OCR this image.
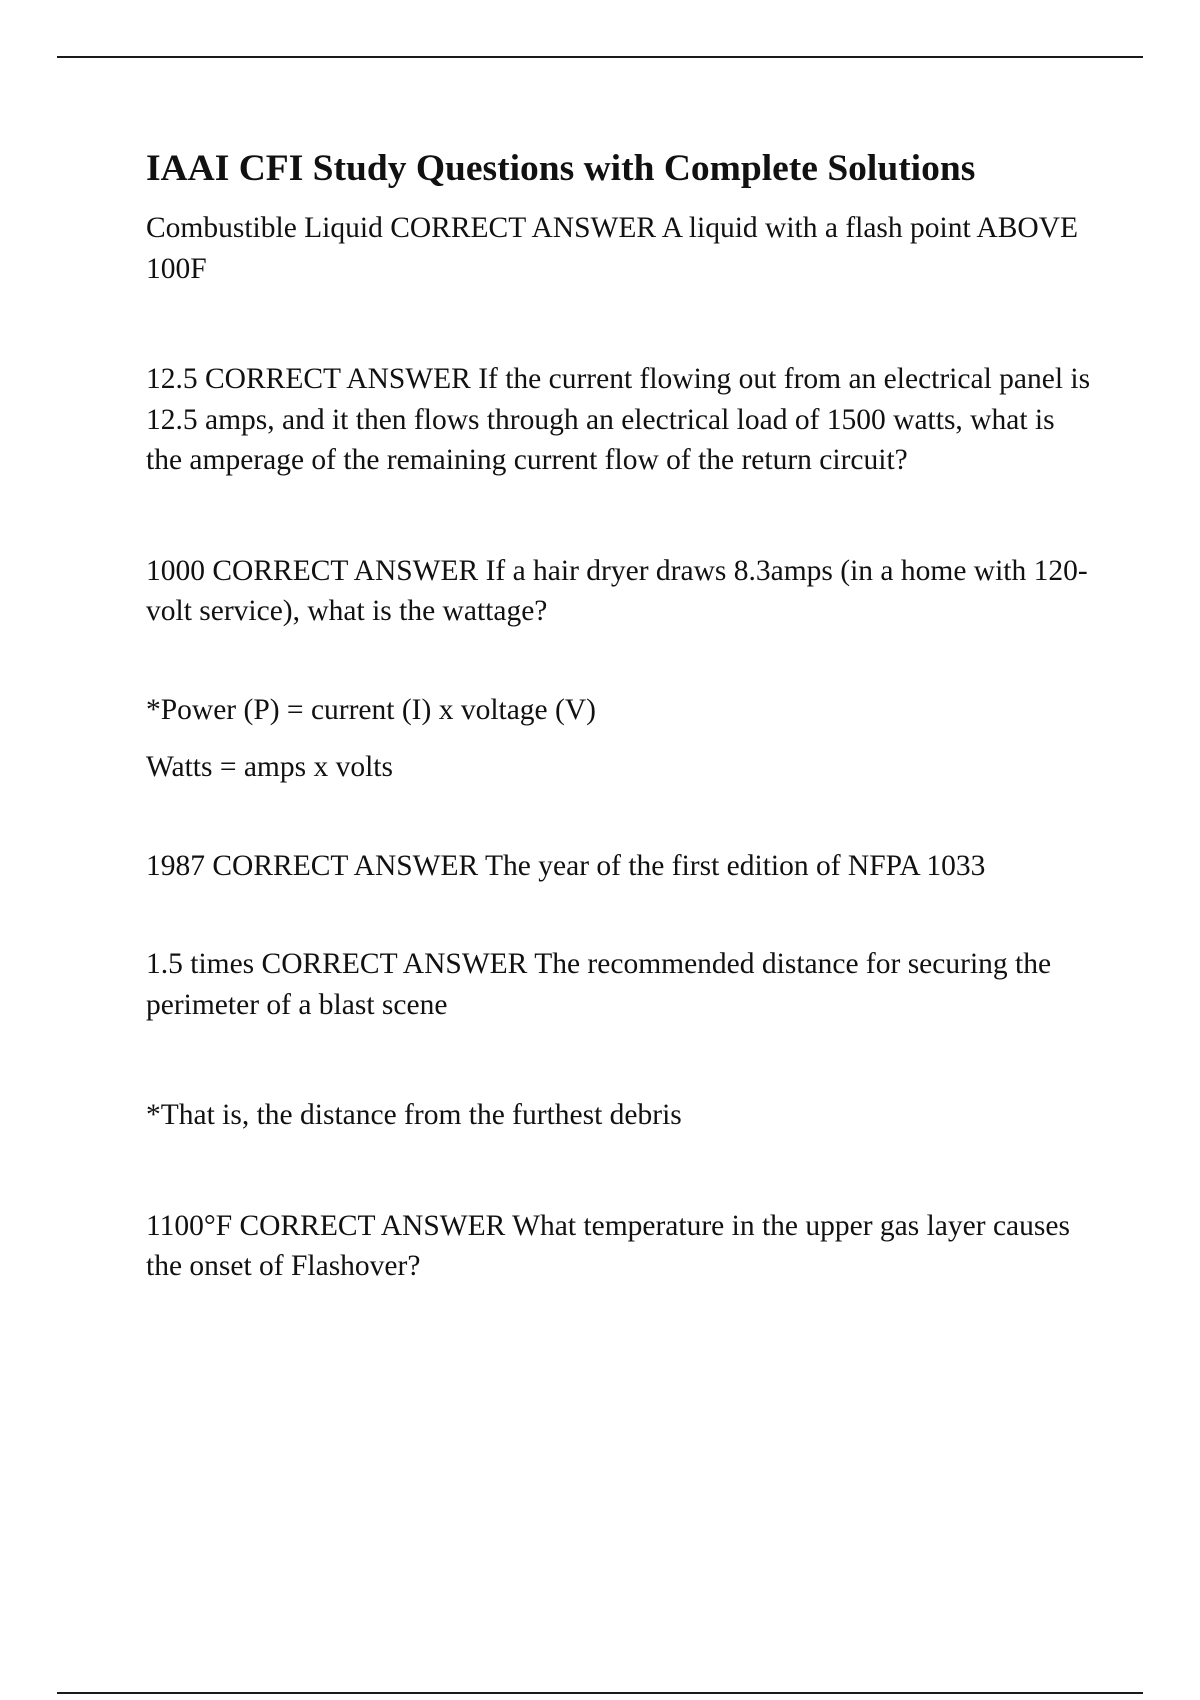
IAAI CFI Study Questions with Complete Solutions

Combustible Liquid CORRECT ANSWER A liquid with a flash point ABOVE 100F

12.5 CORRECT ANSWER If the current flowing out from an electrical panel is 12.5 amps, and it then flows through an electrical load of 1500 watts, what is the amperage of the remaining current flow of the return circuit?

1000 CORRECT ANSWER If a hair dryer draws 8.3amps (in a home with 120-volt service), what is the wattage?

*Power (P) = current (I) x voltage (V)

Watts = amps x volts

1987 CORRECT ANSWER The year of the first edition of NFPA 1033

1.5 times CORRECT ANSWER The recommended distance for securing the perimeter of a blast scene

*That is, the distance from the furthest debris

1100°F CORRECT ANSWER What temperature in the upper gas layer causes the onset of Flashover?
